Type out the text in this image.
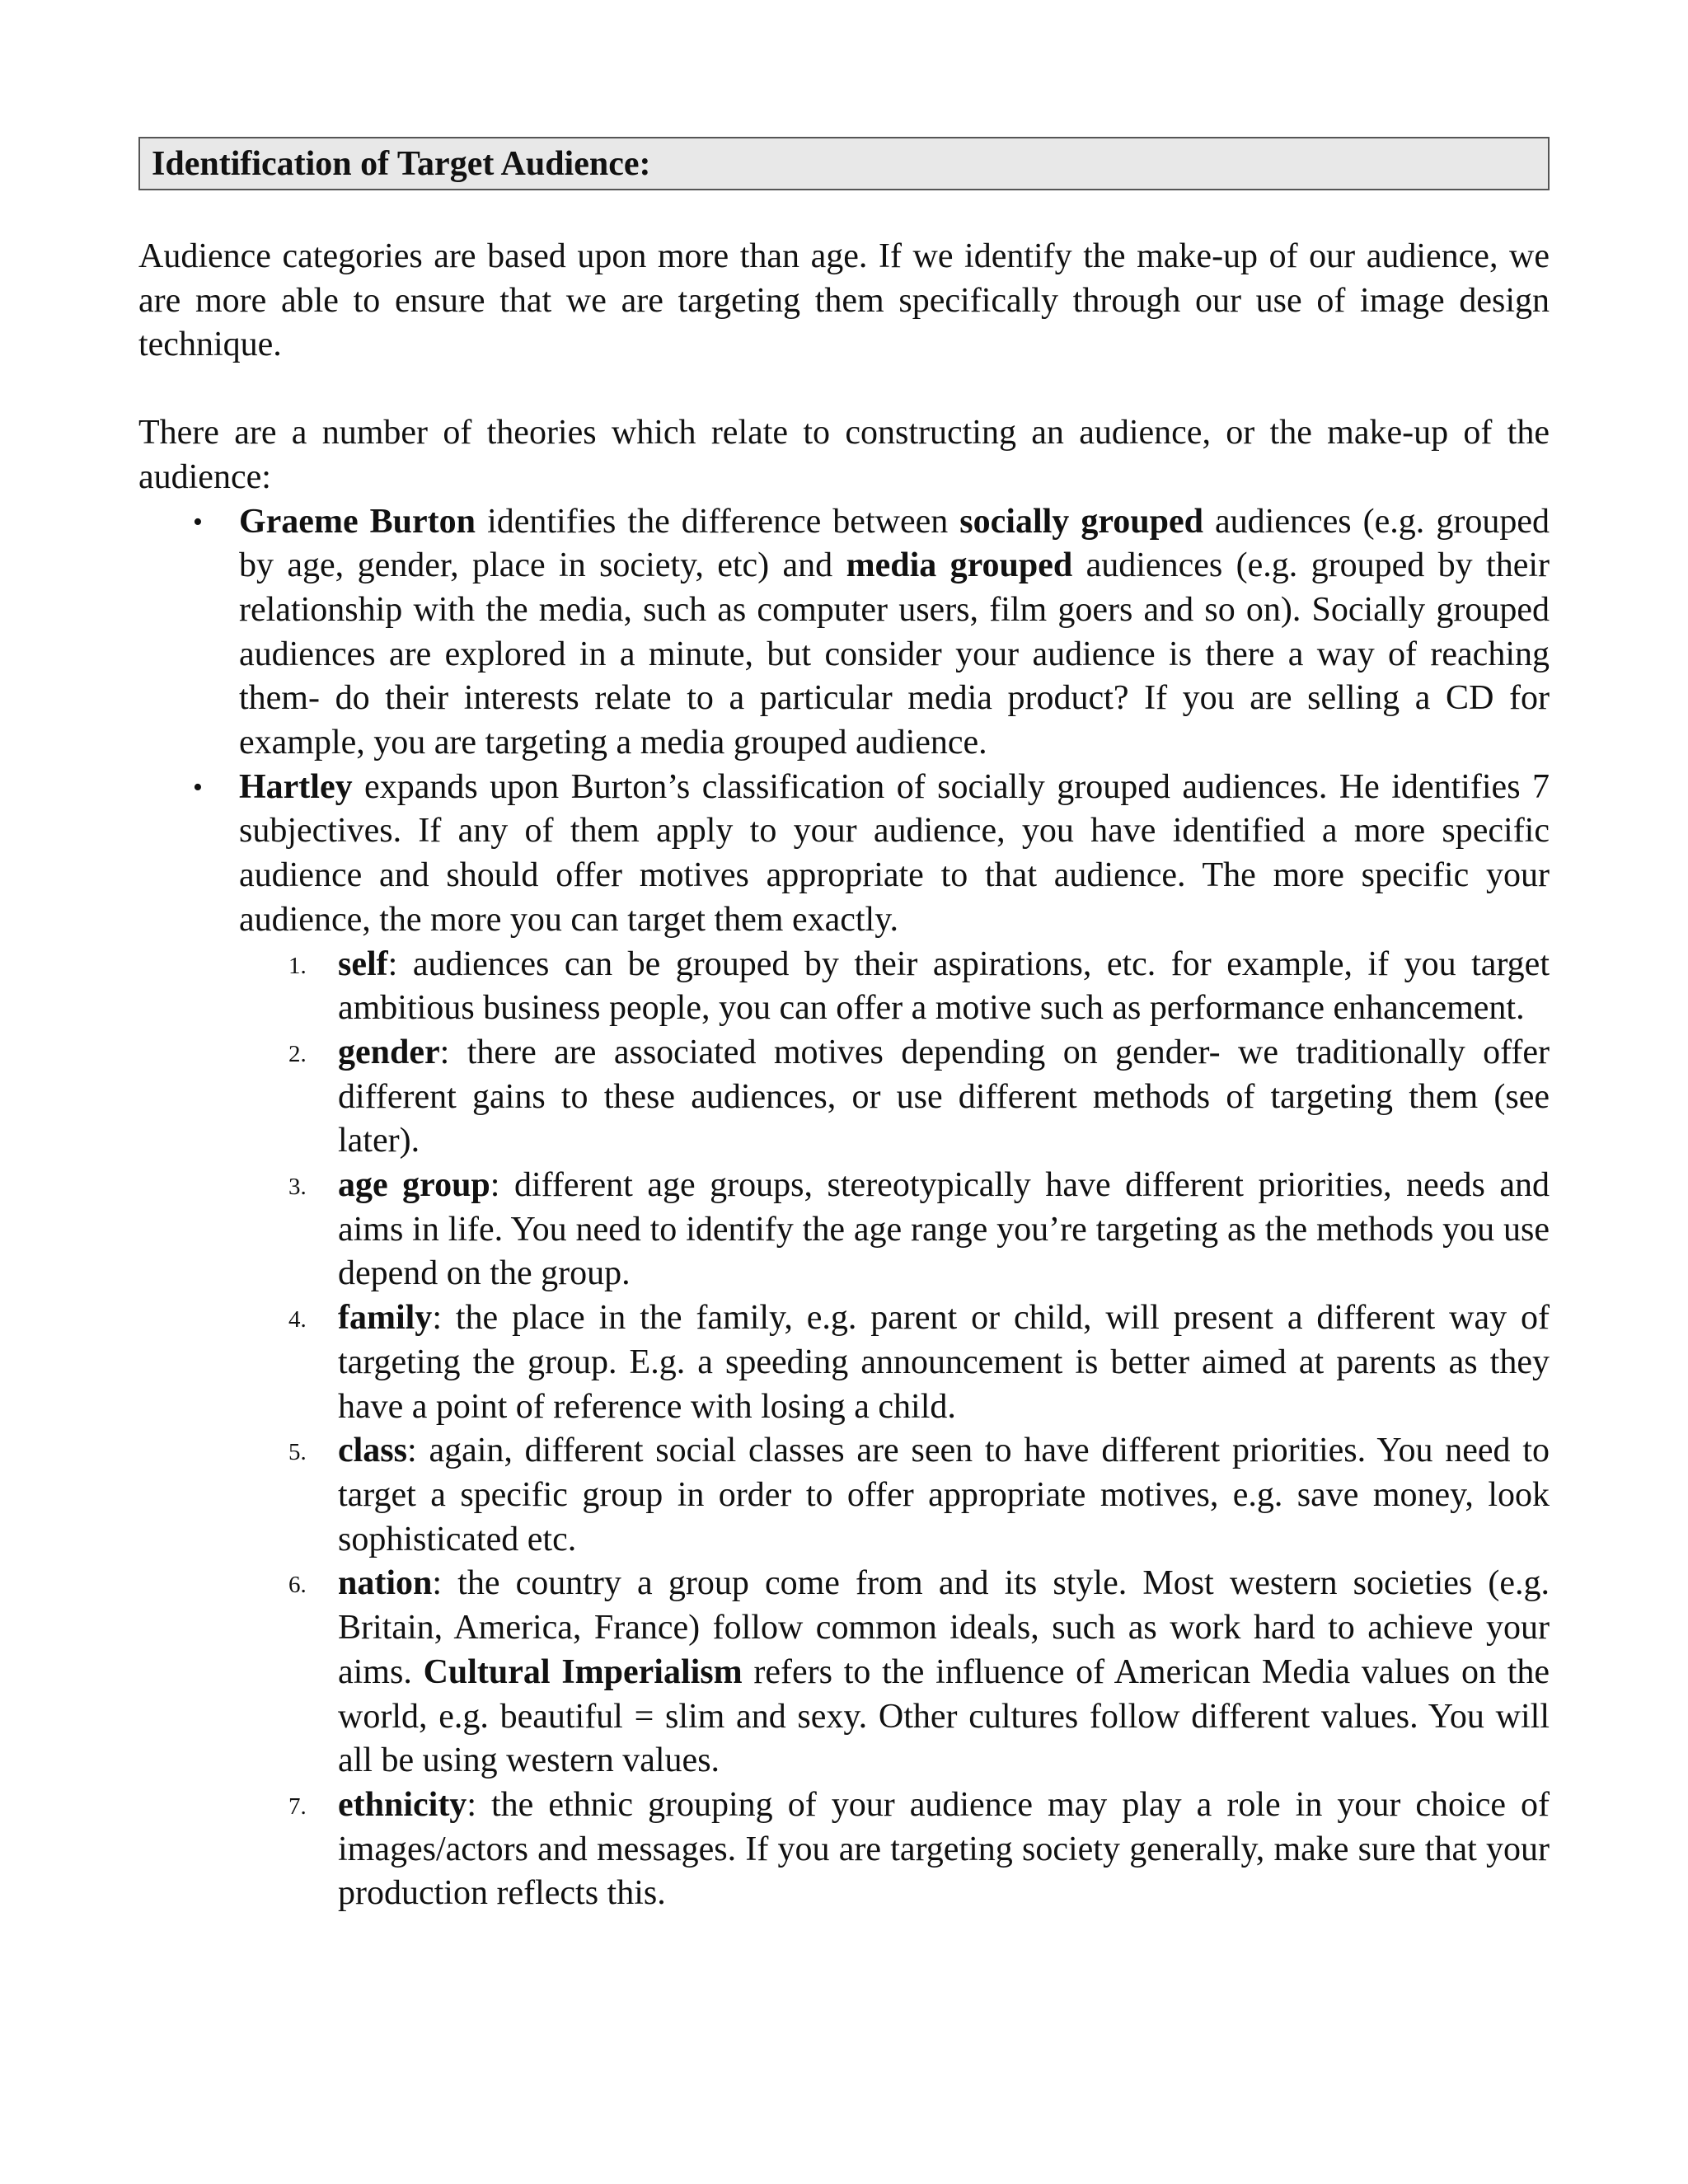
Identification of Target Audience:

Audience categories are based upon more than age. If we identify the make-up of our audience, we are more able to ensure that we are targeting them specifically through our use of image design technique.

There are a number of theories which relate to constructing an audience, or the make-up of the audience:

• Graeme Burton identifies the difference between socially grouped audiences (e.g. grouped by age, gender, place in society, etc) and media grouped audiences (e.g. grouped by their relationship with the media, such as computer users, film goers and so on). Socially grouped audiences are explored in a minute, but consider your audience is there a way of reaching them- do their interests relate to a particular media product? If you are selling a CD for example, you are targeting a media grouped audience.
• Hartley expands upon Burton’s classification of socially grouped audiences. He identifies 7 subjectives. If any of them apply to your audience, you have identified a more specific audience and should offer motives appropriate to that audience. The more specific your audience, the more you can target them exactly.
1. self: audiences can be grouped by their aspirations, etc. for example, if you target ambitious business people, you can offer a motive such as performance enhancement.
2. gender: there are associated motives depending on gender- we traditionally offer different gains to these audiences, or use different methods of targeting them (see later).
3. age group: different age groups, stereotypically have different priorities, needs and aims in life. You need to identify the age range you’re targeting as the methods you use depend on the group.
4. family: the place in the family, e.g. parent or child, will present a different way of targeting the group. E.g. a speeding announcement is better aimed at parents as they have a point of reference with losing a child.
5. class: again, different social classes are seen to have different priorities. You need to target a specific group in order to offer appropriate motives, e.g. save money, look sophisticated etc.
6. nation: the country a group come from and its style. Most western societies (e.g. Britain, America, France) follow common ideals, such as work hard to achieve your aims. Cultural Imperialism refers to the influence of American Media values on the world, e.g. beautiful = slim and sexy. Other cultures follow different values. You will all be using western values.
7. ethnicity: the ethnic grouping of your audience may play a role in your choice of images/actors and messages. If you are targeting society generally, make sure that your production reflects this.
